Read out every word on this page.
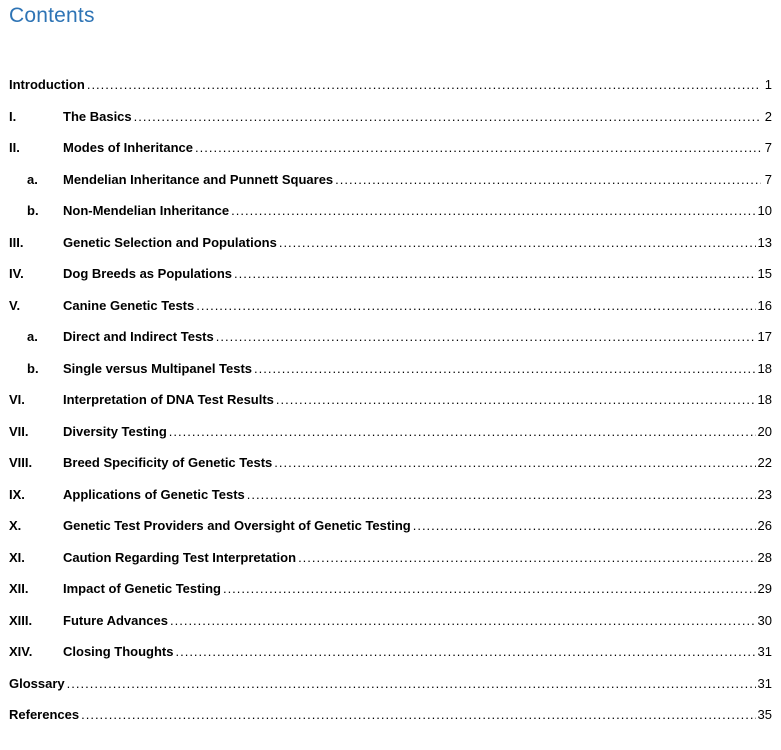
Contents
Introduction .....	1
I.	The Basics .....	2
II.	Modes of Inheritance .....	7
a.	Mendelian Inheritance and Punnett Squares .....	7
b.	Non-Mendelian Inheritance .....	10
III.	Genetic Selection and Populations .....	13
IV.	Dog Breeds as Populations .....	15
V.	Canine Genetic Tests .....	16
a.	Direct and Indirect Tests .....	17
b.	Single versus Multipanel Tests .....	18
VI.	Interpretation of DNA Test Results .....	18
VII.	Diversity Testing .....	20
VIII.	Breed Specificity of Genetic Tests .....	22
IX.	Applications of Genetic Tests .....	23
X.	Genetic Test Providers and Oversight of Genetic Testing .....	26
XI.	Caution Regarding Test Interpretation .....	28
XII.	Impact of Genetic Testing .....	29
XIII.	Future Advances .....	30
XIV.	Closing Thoughts .....	31
Glossary .....	31
References .....	35
